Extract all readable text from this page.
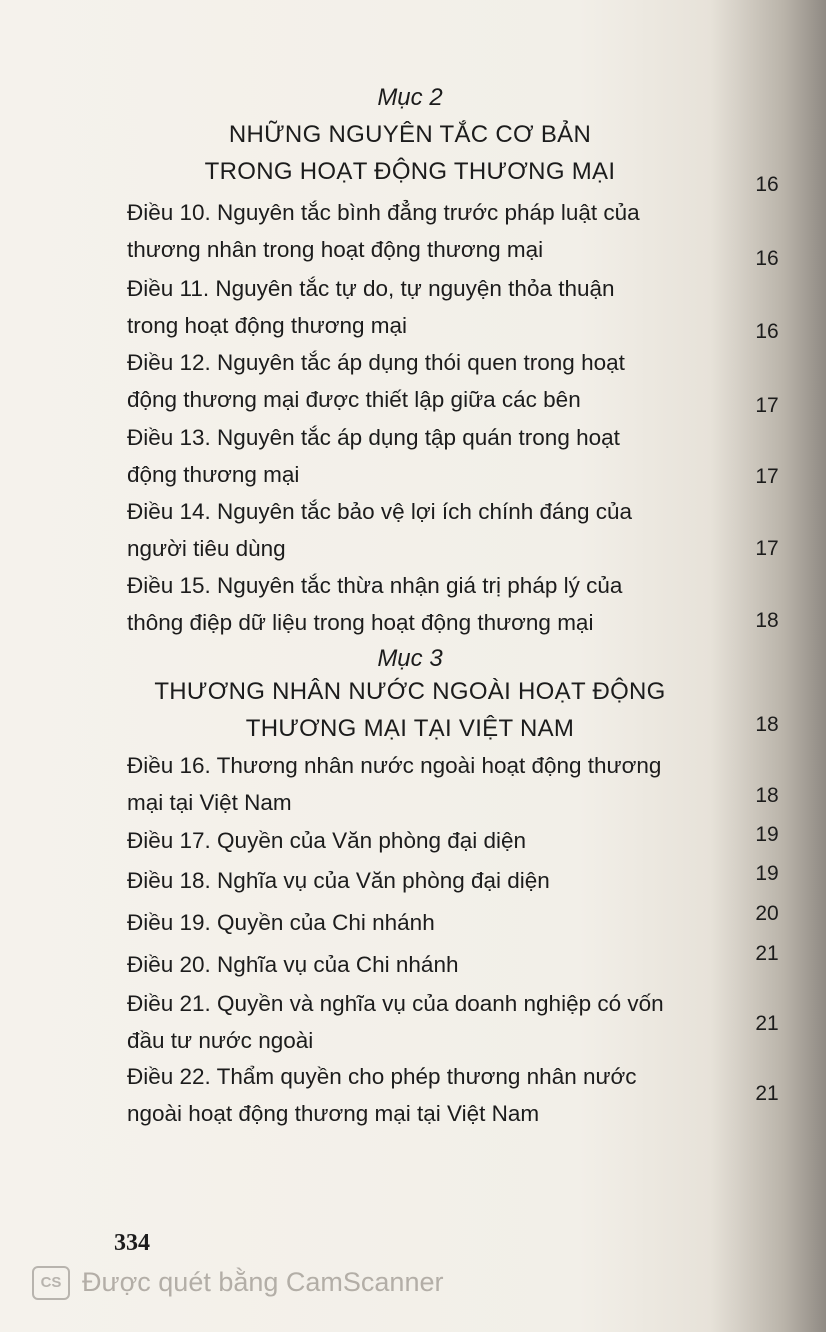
Mục 2
NHỮNG NGUYÊN TẮC CƠ BẢN
TRONG HOẠT ĐỘNG THƯƠNG MẠI	16
Điều 10. Nguyên tắc bình đẳng trước pháp luật của
thương nhân trong hoạt động thương mại	16
Điều 11. Nguyên tắc tự do, tự nguyện thỏa thuận
trong hoạt động thương mại	16
Điều 12. Nguyên tắc áp dụng thói quen trong hoạt
động thương mại được thiết lập giữa các bên	17
Điều 13. Nguyên tắc áp dụng tập quán trong hoạt
động thương mại	17
Điều 14. Nguyên tắc bảo vệ lợi ích chính đáng của
người tiêu dùng	17
Điều 15. Nguyên tắc thừa nhận giá trị pháp lý của
thông điệp dữ liệu trong hoạt động thương mại	18
Mục 3
THƯƠNG NHÂN NƯỚC NGOÀI HOẠT ĐỘNG
THƯƠNG MẠI TẠI VIỆT NAM	18
Điều 16. Thương nhân nước ngoài hoạt động thương
mại tại Việt Nam	18
Điều 17. Quyền của Văn phòng đại diện	19
Điều 18. Nghĩa vụ của Văn phòng đại diện	19
Điều 19. Quyền của Chi nhánh	20
Điều 20. Nghĩa vụ của Chi nhánh	21
Điều 21. Quyền và nghĩa vụ của doanh nghiệp có vốn
đầu tư nước ngoài
21
Điều 22. Thẩm quyền cho phép thương nhân nước
ngoài hoạt động thương mại tại Việt Nam
21
334
CS Được quét bằng CamScanner
